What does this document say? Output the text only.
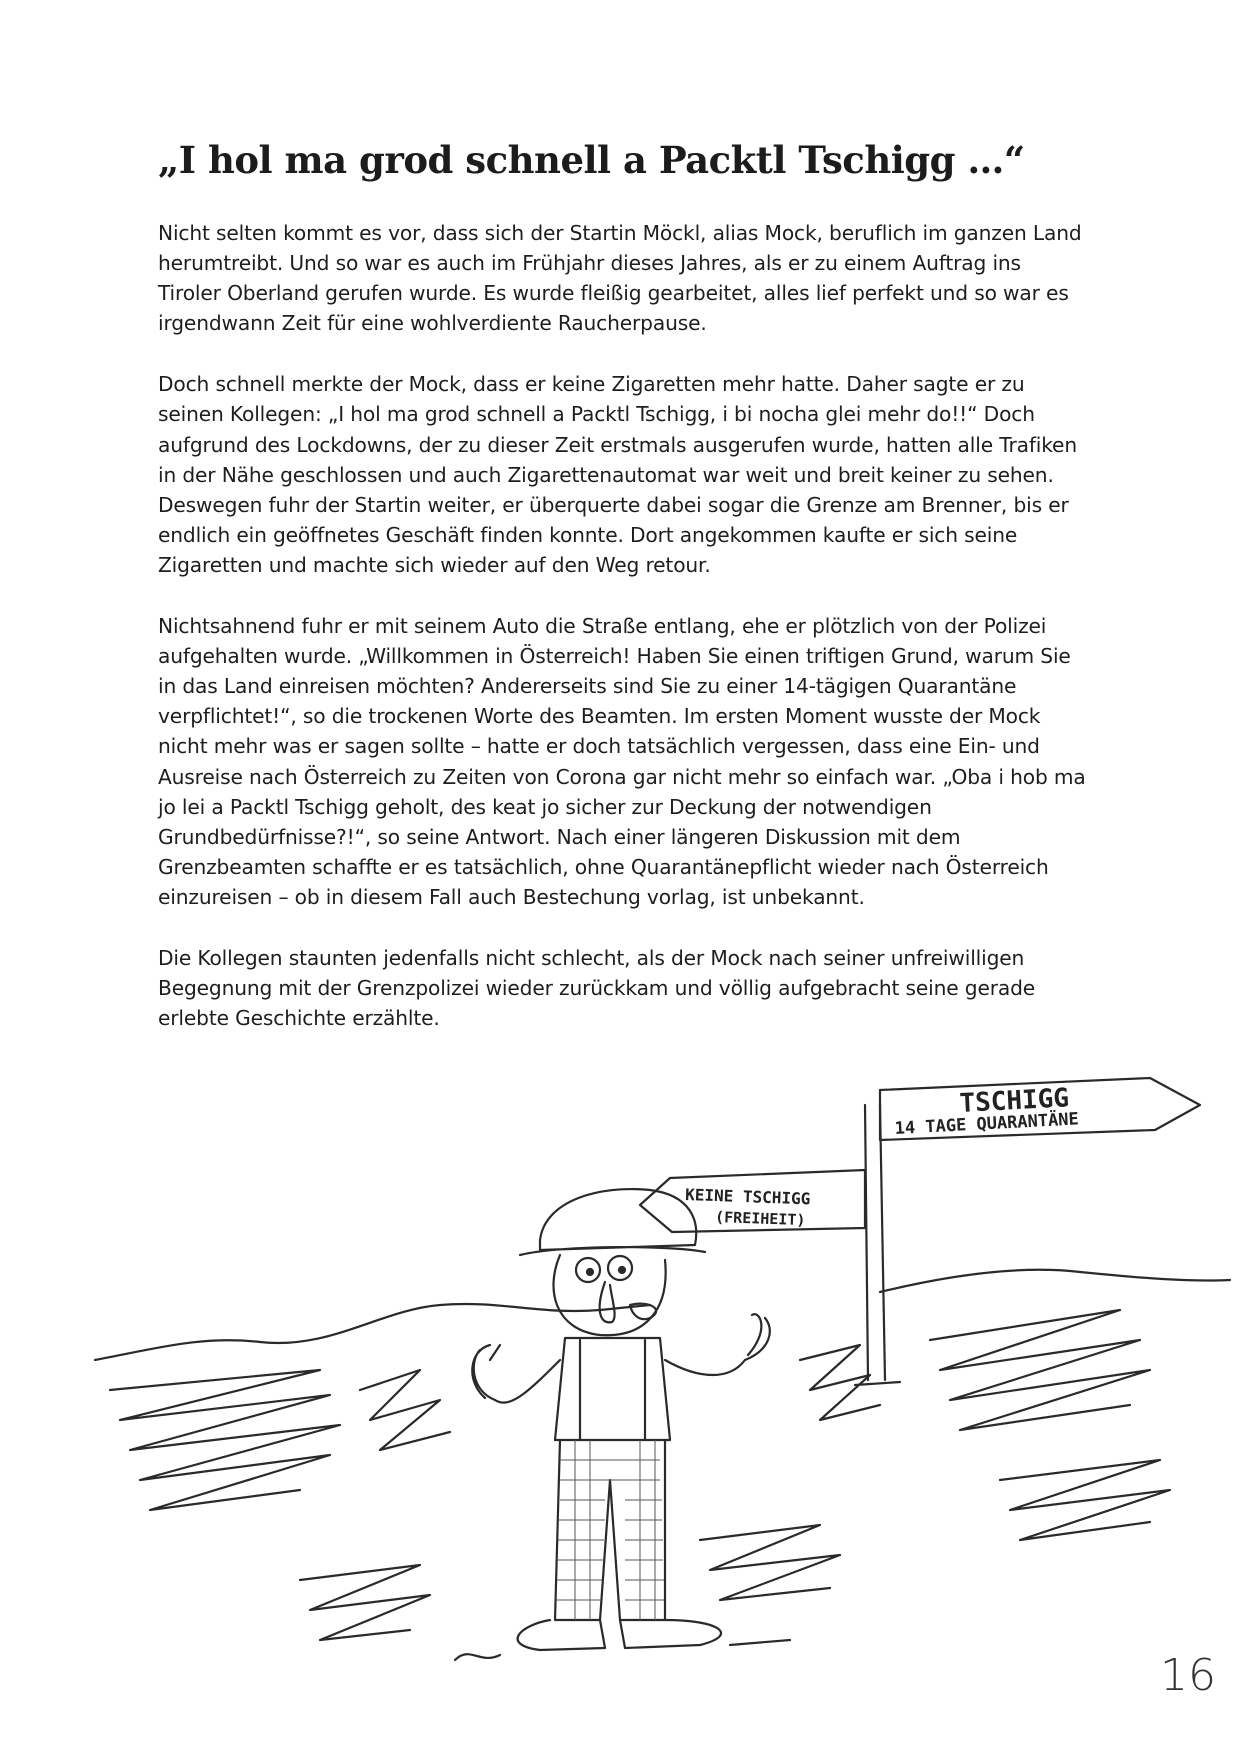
„I hol ma grod schnell a Packtl Tschigg …“

Nicht selten kommt es vor, dass sich der Startin Möckl, alias Mock, beruflich im ganzen Land herumtreibt. Und so war es auch im Frühjahr dieses Jahres, als er zu einem Auftrag ins Tiroler Oberland gerufen wurde. Es wurde fleißig gearbeitet, alles lief perfekt und so war es irgendwann Zeit für eine wohlverdiente Raucherpause.

Doch schnell merkte der Mock, dass er keine Zigaretten mehr hatte. Daher sagte er zu seinen Kollegen: „I hol ma grod schnell a Packtl Tschigg, i bi nocha glei mehr do!!“ Doch aufgrund des Lockdowns, der zu dieser Zeit erstmals ausgerufen wurde, hatten alle Trafiken in der Nähe geschlossen und auch Zigarettenautomat war weit und breit keiner zu sehen. Deswegen fuhr der Startin weiter, er überquerte dabei sogar die Grenze am Brenner, bis er endlich ein geöffnetes Geschäft finden konnte. Dort angekommen kaufte er sich seine Zigaretten und machte sich wieder auf den Weg retour.

Nichtsahnend fuhr er mit seinem Auto die Straße entlang, ehe er plötzlich von der Polizei aufgehalten wurde. „Willkommen in Österreich! Haben Sie einen triftigen Grund, warum Sie in das Land einreisen möchten? Andererseits sind Sie zu einer 14-tägigen Quarantäne verpflichtet!“, so die trockenen Worte des Beamten. Im ersten Moment wusste der Mock nicht mehr was er sagen sollte – hatte er doch tatsächlich vergessen, dass eine Ein- und Ausreise nach Österreich zu Zeiten von Corona gar nicht mehr so einfach war. „Oba i hob ma jo lei a Packtl Tschigg geholt, des keat jo sicher zur Deckung der notwendigen Grundbedürfnisse?!“, so seine Antwort. Nach einer längeren Diskussion mit dem Grenzbeamten schaffte er es tatsächlich, ohne Quarantänepflicht wieder nach Österreich einzureisen – ob in diesem Fall auch Bestechung vorlag, ist unbekannt.

Die Kollegen staunten jedenfalls nicht schlecht, als der Mock nach seiner unfreiwilligen Begegnung mit der Grenzpolizei wieder zurückkam und völlig aufgebracht seine gerade erlebte Geschichte erzählte.

TSCHIGG
14 TAGE QUARANTÄNE
KEINE TSCHIGG
(FREIHEIT)
16
